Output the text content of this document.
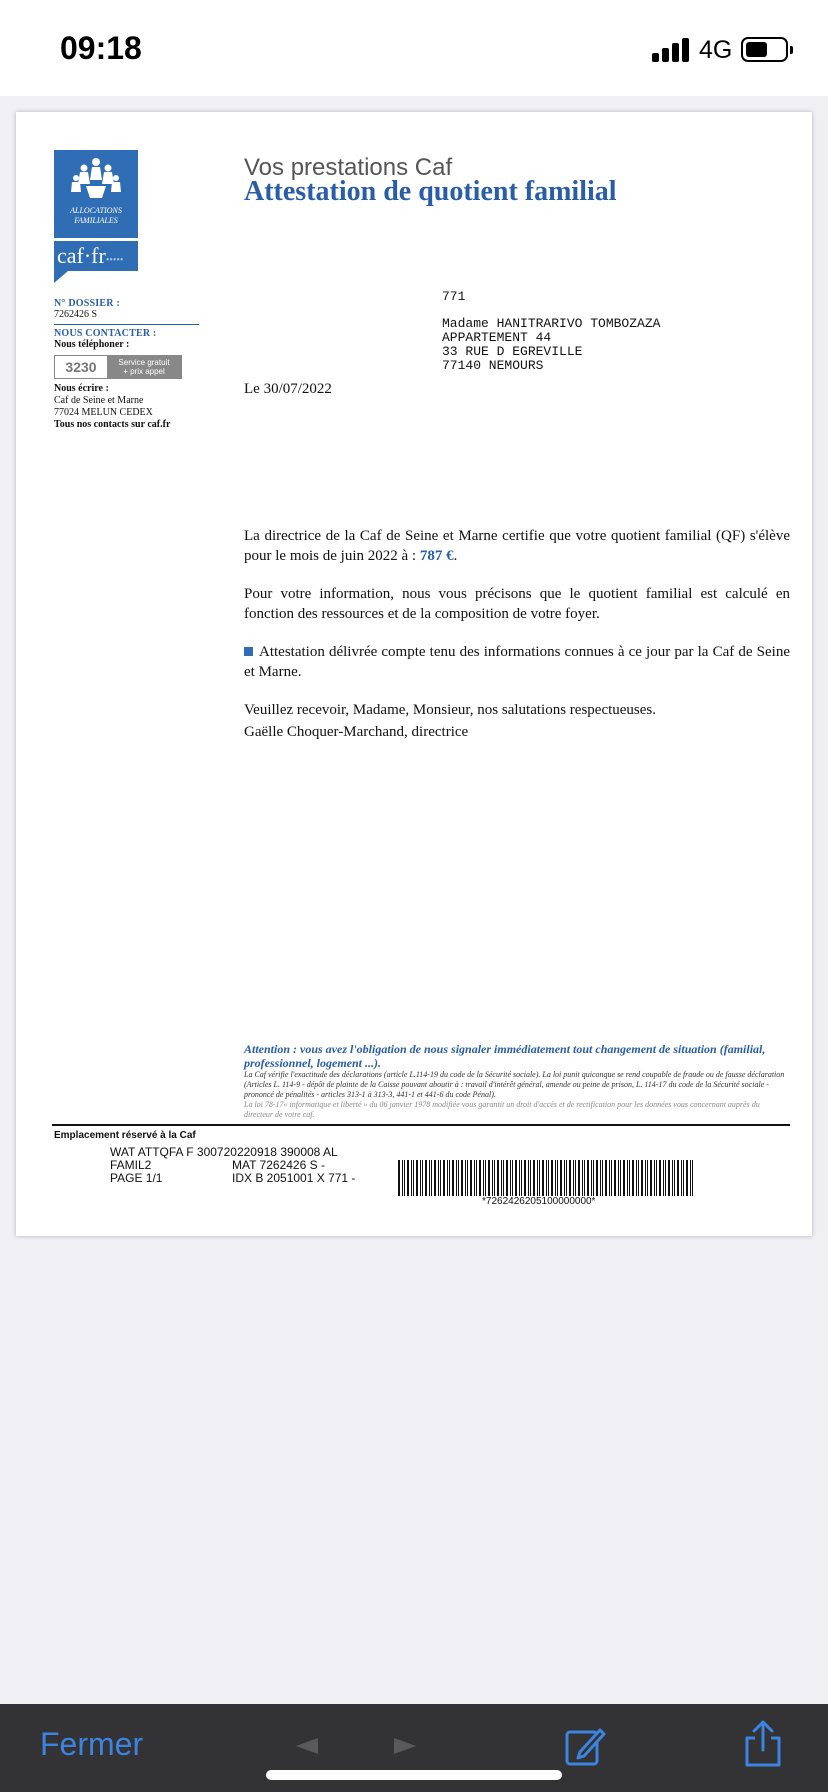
09:18	4G
ALLOCATIONS
FAMILIALES
caf·fr•••••
N° DOSSIER :
7262426 S
NOUS CONTACTER :
Nous téléphoner :
3230	Service gratuit
+ prix appel
Nous écrire :
Caf de Seine et Marne
77024 MELUN CEDEX
Tous nos contacts sur caf.fr
Vos prestations Caf
Attestation de quotient familial
771
Madame HANITRARIVO TOMBOZAZA
APPARTEMENT 44
33 RUE D EGREVILLE
77140 NEMOURS
Le 30/07/2022

La directrice de la Caf de Seine et Marne certifie que votre quotient familial (QF) s'élève pour le mois de juin 2022 à : 787 €.

Pour votre information, nous vous précisons que le quotient familial est calculé en fonction des ressources et de la composition de votre foyer.

Attestation délivrée compte tenu des informations connues à ce jour par la Caf de Seine et Marne.

Veuillez recevoir, Madame, Monsieur, nos salutations respectueuses.

Gaëlle Choquer-Marchand, directrice

Attention : vous avez l'obligation de nous signaler immédiatement tout changement de situation (familial, professionnel, logement ...).
La Caf vérifie l'exactitude des déclarations (article L.114-19 du code de la Sécurité sociale). La loi punit quiconque se rend coupable de fraude ou de fausse déclaration (Articles L. 114-9 - dépôt de plainte de la Caisse pouvant aboutir à : travail d'intérêt général, amende ou peine de prison, L. 114-17 du code de la Sécurité sociale - prononcé de pénalités - articles 313-1 à 313-3, 441-1 et 441-6 du code Pénal).
La loi 78-17« informatique et liberté » du 06 janvier 1978 modifiée vous garantit un droit d'accès et de rectification pour les données vous concernant auprès du directeur de votre caf.
Emplacement réservé à la Caf
WAT ATTQFA F 300720220918 390008 AL
FAMIL2	MAT 7262426 S -
PAGE 1/1	IDX B 2051001 X 771 -
*7262426205100000000*
Fermer
